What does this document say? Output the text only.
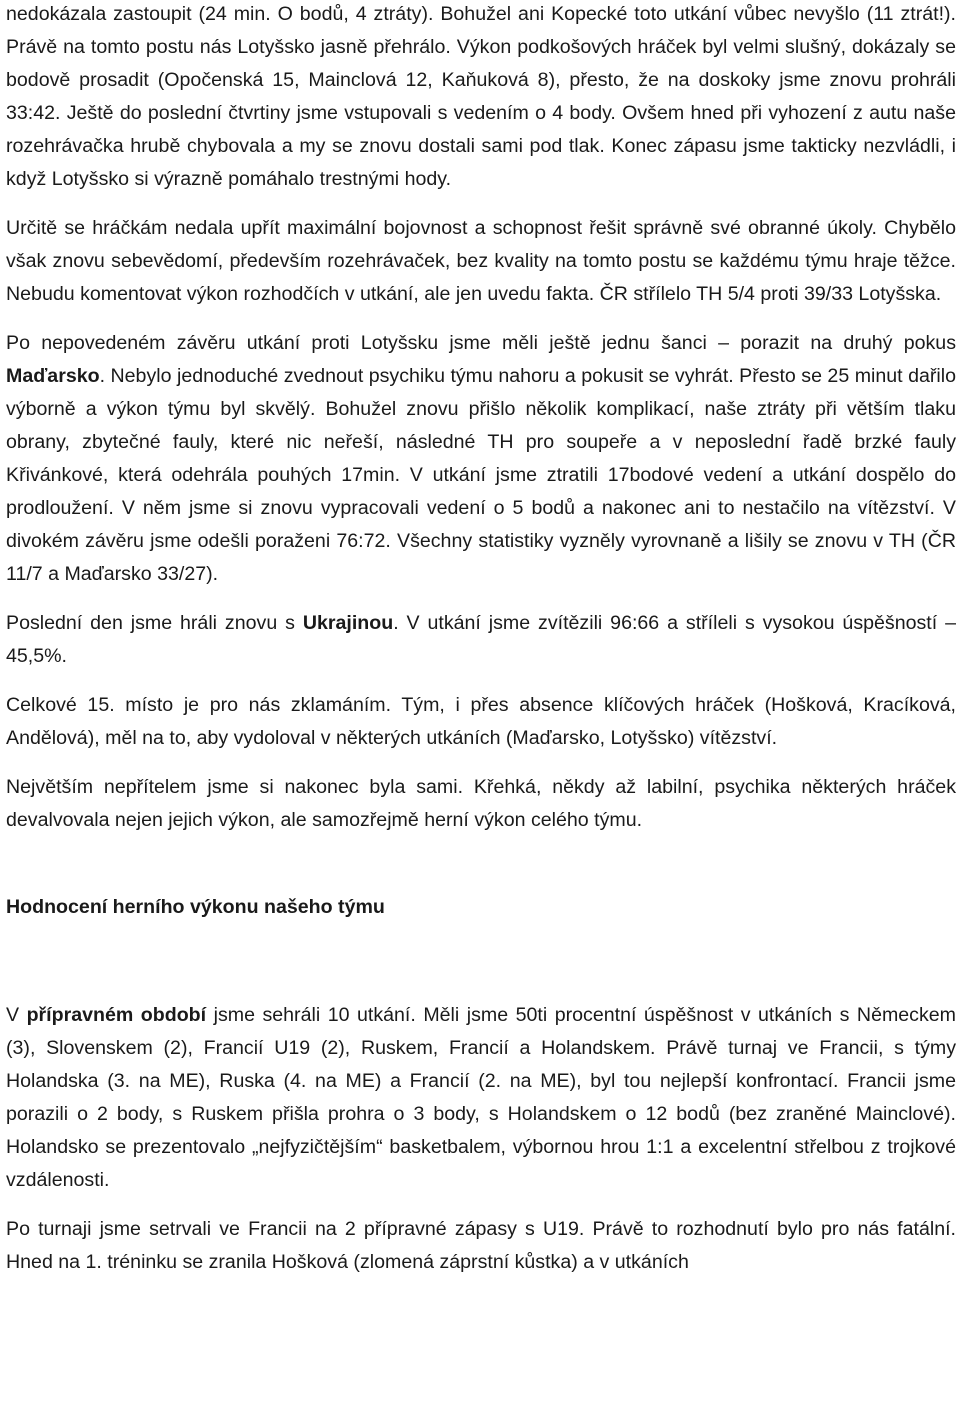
nedokázala zastoupit (24 min. O bodů, 4 ztráty). Bohužel ani Kopecké toto utkání vůbec nevyšlo (11 ztrát!). Právě na tomto postu nás Lotyšsko jasně přehrálo. Výkon podkošových hráček byl velmi slušný, dokázaly se bodově prosadit (Opočenská 15, Mainclová 12, Kaňuková 8), přesto, že na doskoky jsme znovu prohráli 33:42. Ještě do poslední čtvrtiny jsme vstupovali s vedením o 4 body. Ovšem hned při vyhození z autu naše rozehrávačka hrubě chybovala a my se znovu dostali sami pod tlak. Konec zápasu jsme takticky nezvládli, i když Lotyšsko si výrazně pomáhalo trestnými hody.

Určitě se hráčkám nedala upřít maximální bojovnost a schopnost řešit správně své obranné úkoly. Chybělo však znovu sebevědomí, především rozehrávaček, bez kvality na tomto postu se každému týmu hraje těžce. Nebudu komentovat výkon rozhodčích v utkání, ale jen uvedu fakta. ČR střílelo TH 5/4 proti 39/33 Lotyšska.

Po nepovedeném závěru utkání proti Lotyšsku jsme měli ještě jednu šanci – porazit na druhý pokus Maďarsko. Nebylo jednoduché zvednout psychiku týmu nahoru a pokusit se vyhrát. Přesto se 25 minut dařilo výborně a výkon týmu byl skvělý. Bohužel znovu přišlo několik komplikací, naše ztráty při větším tlaku obrany, zbytečné fauly, které nic neřeší, následné TH pro soupeře a v neposlední řadě brzké fauly Křivánkové, která odehrála pouhých 17min. V utkání jsme ztratili 17bodové vedení a utkání dospělo do prodloužení. V něm jsme si znovu vypracovali vedení o 5 bodů a nakonec ani to nestačilo na vítězství. V divokém závěru jsme odešli poraženi 76:72. Všechny statistiky vyzněly vyrovnaně a lišily se znovu v TH (ČR 11/7 a Maďarsko 33/27).

Poslední den jsme hráli znovu s Ukrajinou. V utkání jsme zvítězili 96:66 a stříleli s vysokou úspěšností – 45,5%.

Celkové 15. místo je pro nás zklamáním. Tým, i přes absence klíčových hráček (Hošková, Kracíková, Andělová), měl na to, aby vydoloval v některých utkáních (Maďarsko, Lotyšsko) vítězství.

Největším nepřítelem jsme si nakonec byla sami. Křehká, někdy až labilní, psychika některých hráček devalvovala nejen jejich výkon, ale samozřejmě herní výkon celého týmu.

Hodnocení herního výkonu našeho týmu

V přípravném období jsme sehráli 10 utkání. Měli jsme 50ti procentní úspěšnost v utkáních s Německem (3), Slovenskem (2), Francií U19 (2), Ruskem, Francií a Holandskem. Právě turnaj ve Francii, s týmy Holandska (3. na ME), Ruska (4. na ME) a Francií (2. na ME), byl tou nejlepší konfrontací. Francii jsme porazili o 2 body, s Ruskem přišla prohra o 3 body, s Holandskem o 12 bodů (bez zraněné Mainclové). Holandsko se prezentovalo „nejfyzičtějším“ basketbalem, výbornou hrou 1:1 a excelentní střelbou z trojkové vzdálenosti.

Po turnaji jsme setrvali ve Francii na 2 přípravné zápasy s U19. Právě to rozhodnutí bylo pro nás fatální. Hned na 1. tréninku se zranila Hošková (zlomená záprstní kůstka) a v utkáních
